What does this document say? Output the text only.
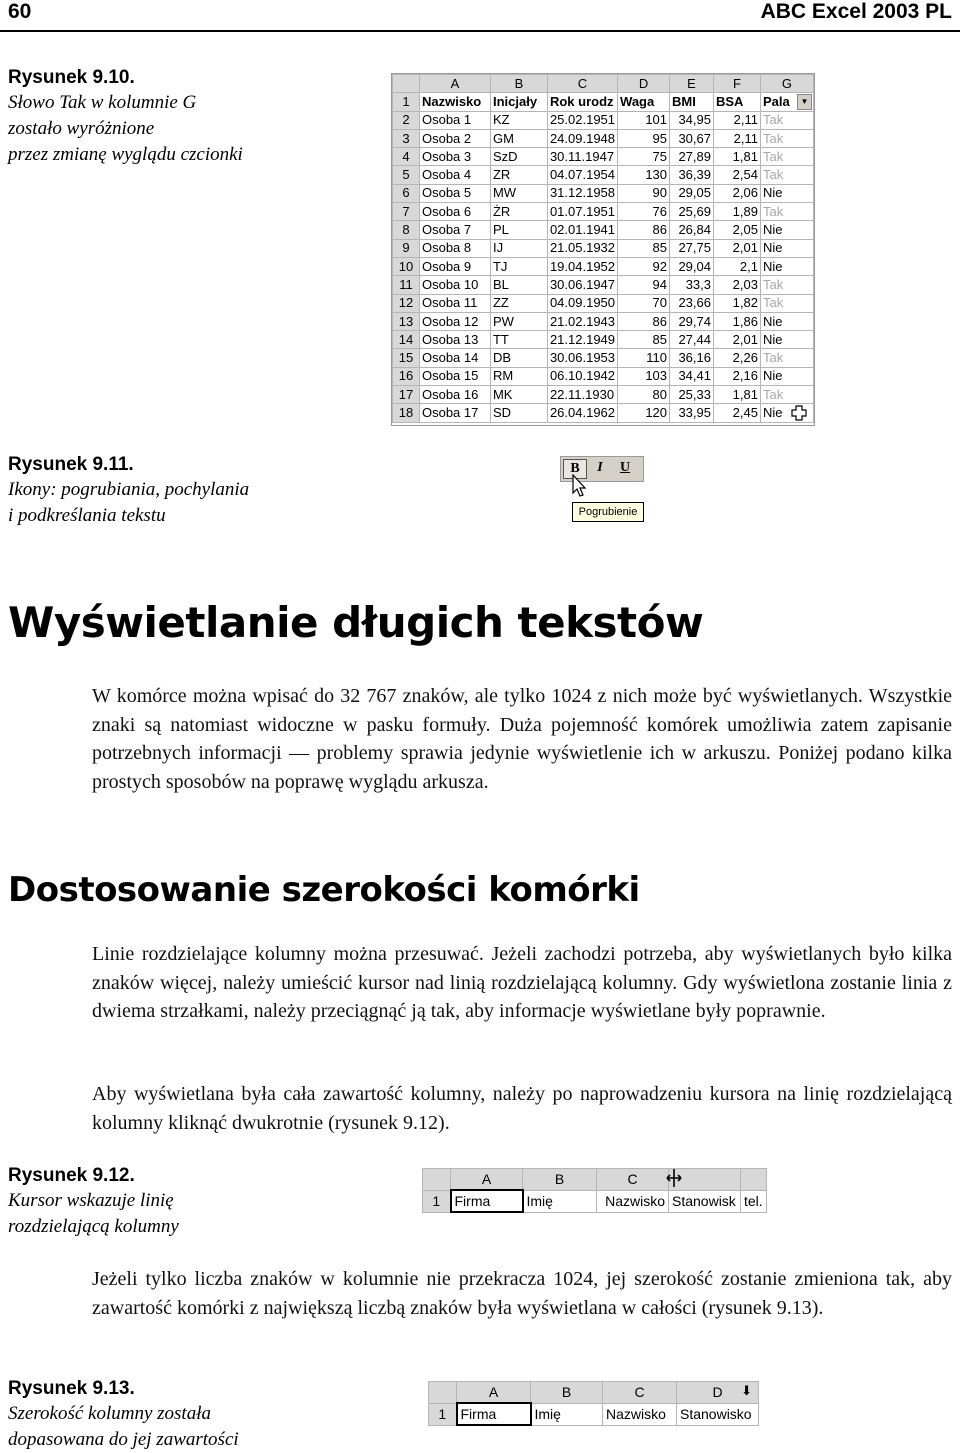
60	ABC Excel 2003 PL
Rysunek 9.10.
Słowo Tak w kolumnie G
zostało wyróżnione
przez zmianę wyglądu czcionki
	A	B	C	D	E	F	G
1	Nazwisko	Inicjały	Rok urodz	Waga	BMI	BSA	Pala ▼

2	Osoba 1	KZ	25.02.1951	101	34,95	2,11	Tak
3	Osoba 2	GM	24.09.1948	95	30,67	2,11	Tak
4	Osoba 3	SzD	30.11.1947	75	27,89	1,81	Tak
5	Osoba 4	ZR	04.07.1954	130	36,39	2,54	Tak
6	Osoba 5	MW	31.12.1958	90	29,05	2,06	Nie
7	Osoba 6	ŻR	01.07.1951	76	25,69	1,89	Tak
8	Osoba 7	PL	02.01.1941	86	26,84	2,05	Nie
9	Osoba 8	IJ	21.05.1932	85	27,75	2,01	Nie
10	Osoba 9	TJ	19.04.1952	92	29,04	2,1	Nie
11	Osoba 10	BL	30.06.1947	94	33,3	2,03	Tak
12	Osoba 11	ZZ	04.09.1950	70	23,66	1,82	Tak
13	Osoba 12	PW	21.02.1943	86	29,74	1,86	Nie
14	Osoba 13	TT	21.12.1949	85	27,44	2,01	Nie
15	Osoba 14	DB	30.06.1953	110	36,16	2,26	Tak
16	Osoba 15	RM	06.10.1942	103	34,41	2,16	Nie
17	Osoba 16	MK	22.11.1930	80	25,33	1,81	Tak
18	Osoba 17	SD	26.04.1962	120	33,95	2,45	Nie
Rysunek 9.11.
Ikony: pogrubiania, pochylania
i podkreślania tekstu
B	I	U
Pogrubienie
Wyświetlanie długich tekstów
W komórce można wpisać do 32 767 znaków, ale tylko 1024 z nich może być wyświetlanych. Wszystkie znaki są natomiast widoczne w pasku formuły. Duża pojemność komórek umożliwia zatem zapisanie potrzebnych informacji — problemy sprawia jedynie wyświetlenie ich w arkuszu. Poniżej podano kilka prostych sposobów na poprawę wyglądu arkusza.
Dostosowanie szerokości komórki
Linie rozdzielające kolumny można przesuwać. Jeżeli zachodzi potrzeba, aby wyświetlanych było kilka znaków więcej, należy umieścić kursor nad linią rozdzielającą kolumny. Gdy wyświetlona zostanie linia z dwiema strzałkami, należy przeciągnąć ją tak, aby informacje wyświetlane były poprawnie.
Aby wyświetlana była cała zawartość kolumny, należy po naprowadzeniu kursora na linię rozdzielającą kolumny kliknąć dwukrotnie (rysunek 9.12).
Rysunek 9.12.
Kursor wskazuje linię
rozdzielającą kolumny
	A	B	C		
1	Firma	Imię	Nazwisko	Stanowisk	tel.
Jeżeli tylko liczba znaków w kolumnie nie przekracza 1024, jej szerokość zostanie zmieniona tak, aby zawartość komórki z największą liczbą znaków była wyświetlana w całości (rysunek 9.13).
Rysunek 9.13.
Szerokość kolumny została
dopasowana do jej zawartości
	A	B	C	D ⬇

1	Firma	Imię	Nazwisko	Stanowisko
